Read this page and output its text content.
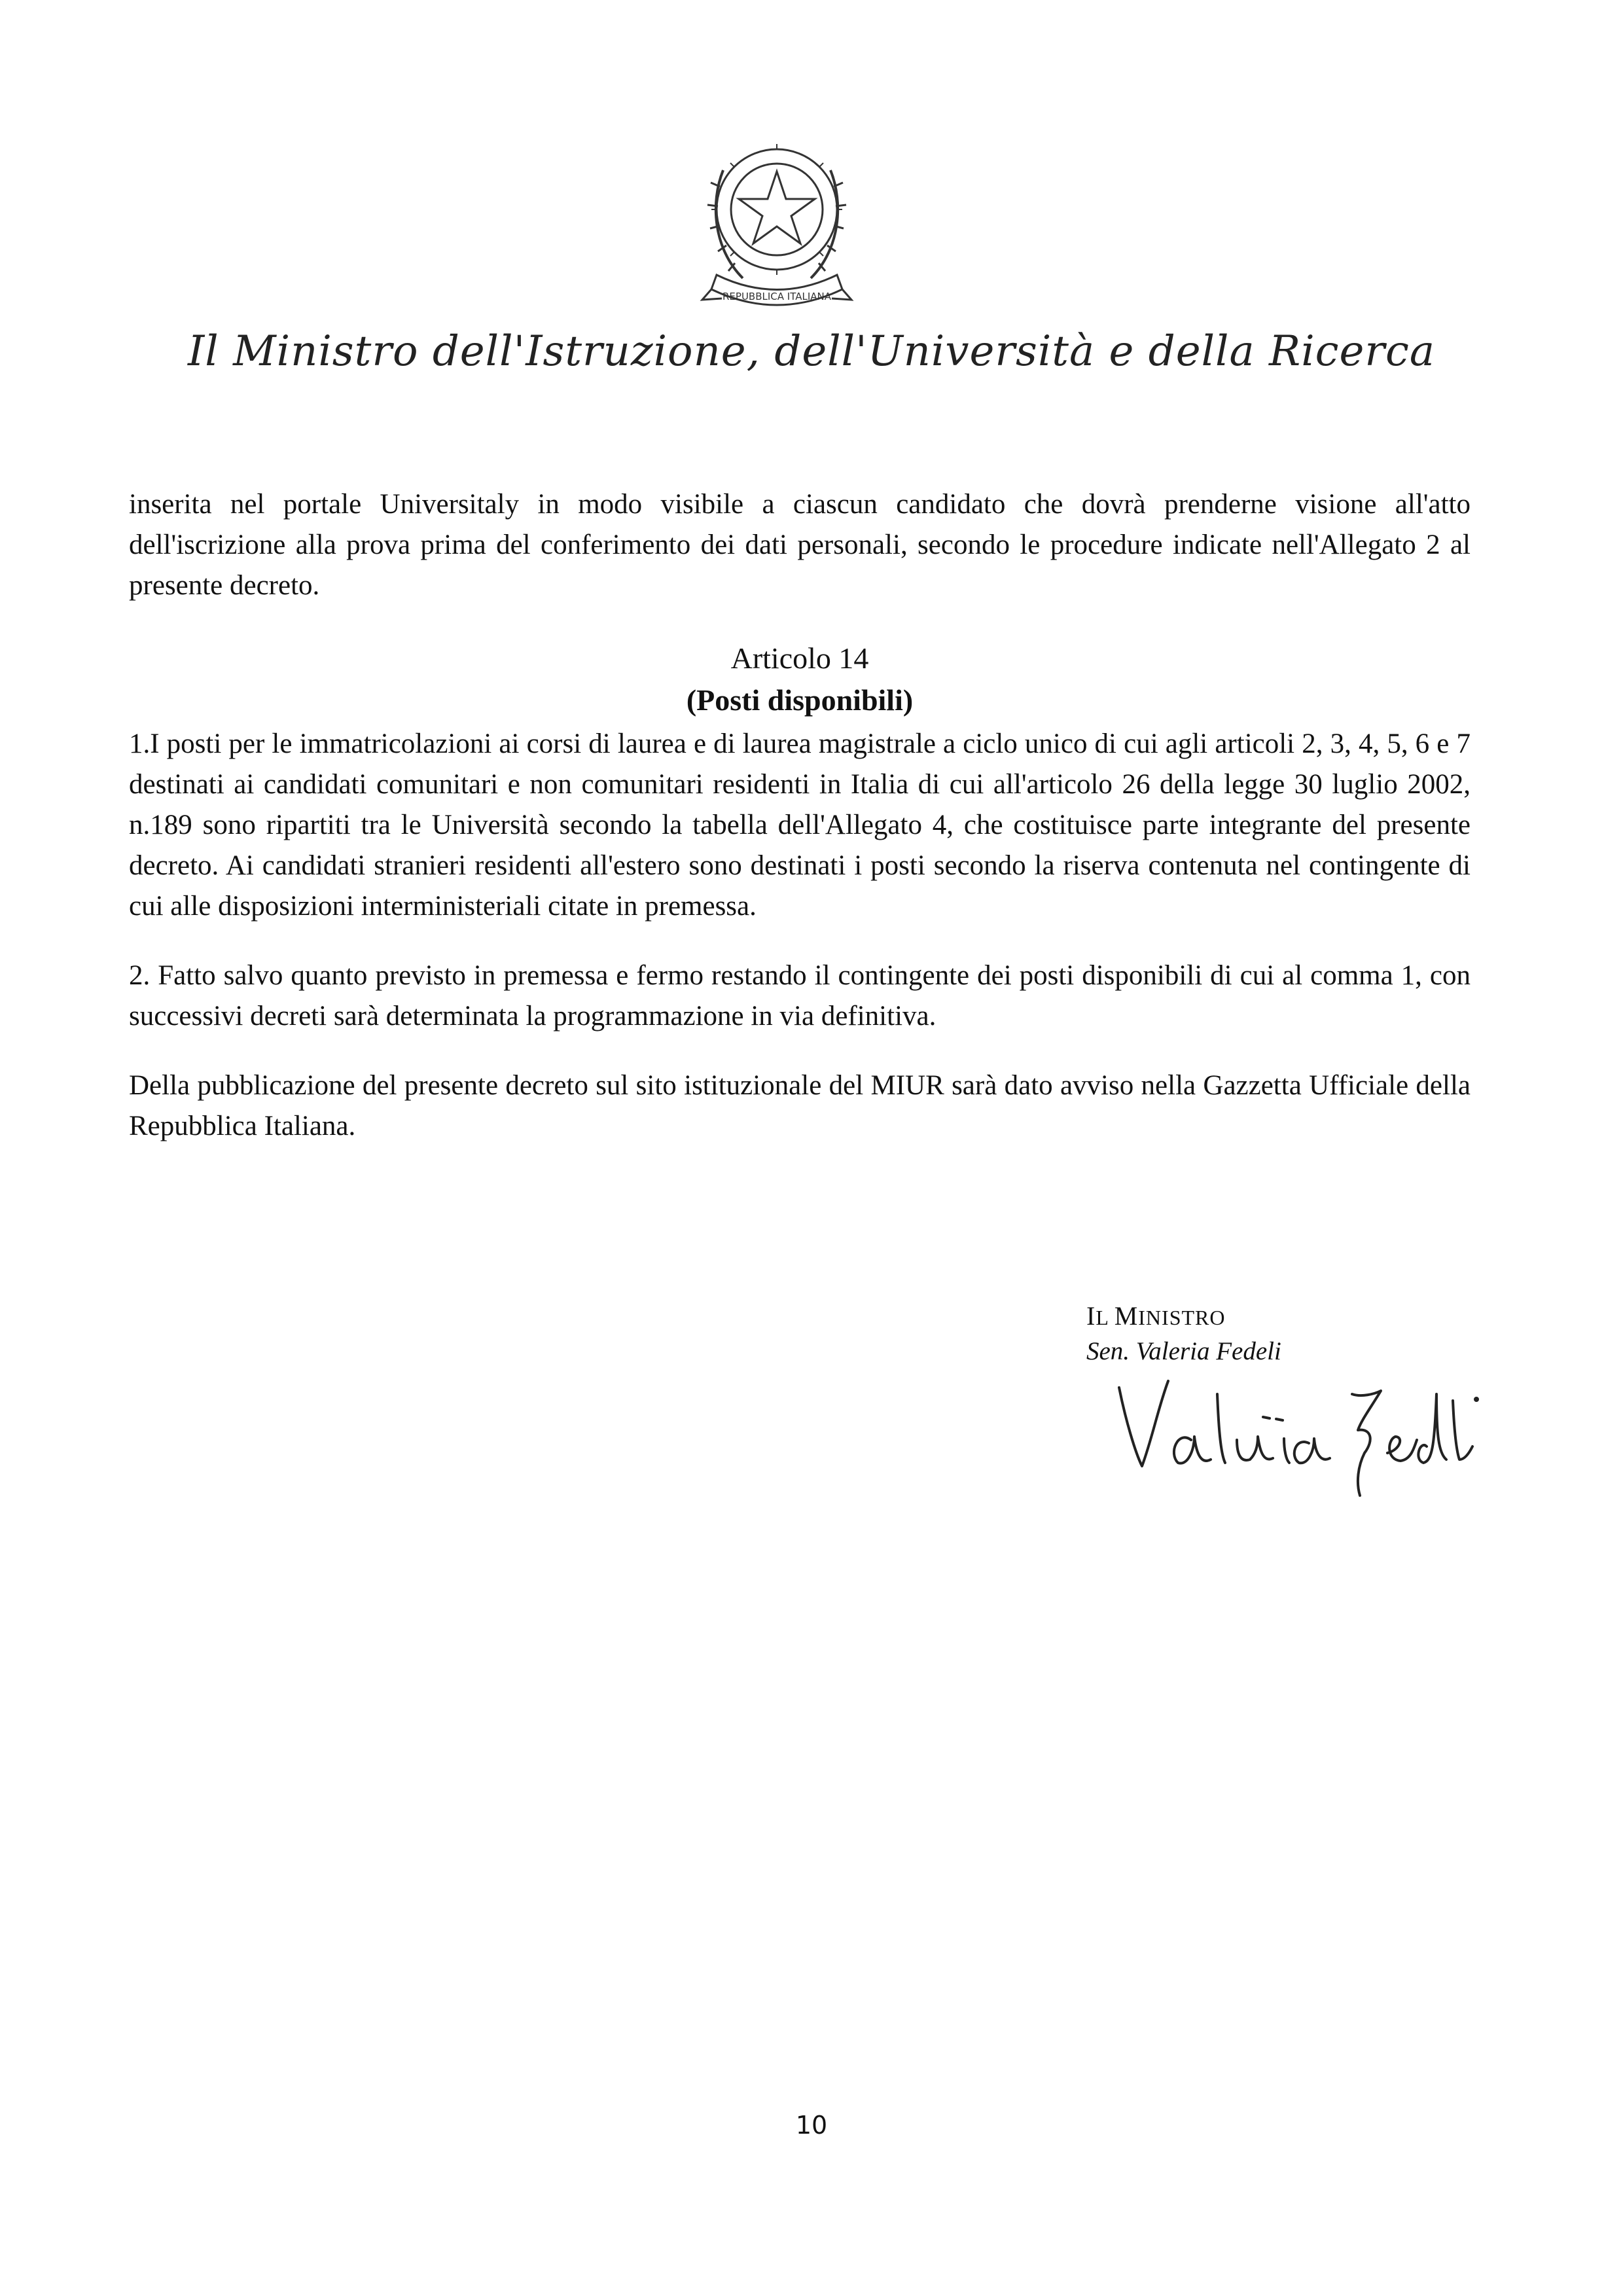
REPUBBLICA ITALIANA
Il Ministro dell'Istruzione, dell'Università e della Ricerca

inserita nel portale Universitaly in modo visibile a ciascun candidato che dovrà prenderne visione all'atto dell'iscrizione alla prova prima del conferimento dei dati personali, secondo le procedure indicate nell'Allegato 2 al presente decreto.

Articolo 14
(Posti disponibili)

1.I posti per le immatricolazioni ai corsi di laurea e di laurea magistrale a ciclo unico di cui agli articoli 2, 3, 4, 5, 6 e 7 destinati ai candidati comunitari e non comunitari residenti in Italia di cui all'articolo 26 della legge 30 luglio 2002, n.189 sono ripartiti tra le Università secondo la tabella dell'Allegato 4, che costituisce parte integrante del presente decreto. Ai candidati stranieri residenti all'estero sono destinati i posti secondo la riserva contenuta nel contingente di cui alle disposizioni interministeriali citate in premessa.

2. Fatto salvo quanto previsto in premessa e fermo restando il contingente dei posti disponibili di cui al comma 1, con successivi decreti sarà determinata la programmazione in via definitiva.

Della pubblicazione del presente decreto sul sito istituzionale del MIUR sarà dato avviso nella Gazzetta Ufficiale della Repubblica Italiana.

IL MINISTRO
Sen. Valeria Fedeli
10
